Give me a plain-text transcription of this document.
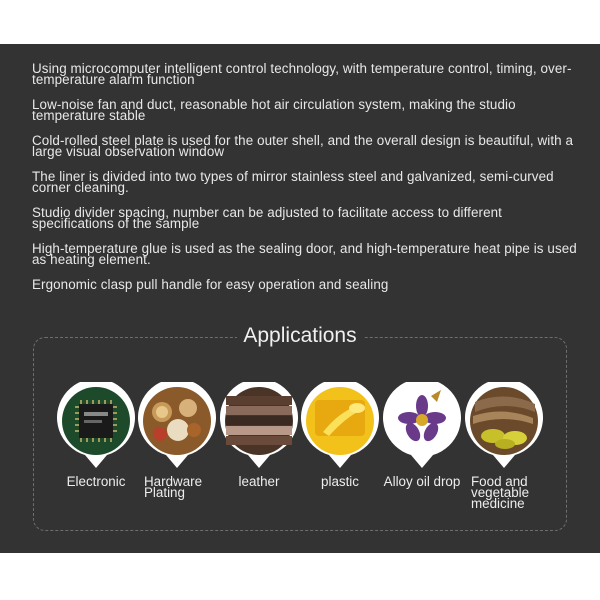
Using microcomputer intelligent control technology, with temperature control, timing, over-temperature alarm function
Low-noise fan and duct, reasonable hot air circulation system, making the studio temperature stable
Cold-rolled steel plate is used for the outer shell, and the overall design is beautiful, with a large visual observation window
The liner is divided into two types of mirror stainless steel and galvanized, semi-curved corner cleaning.
Studio divider spacing, number can be adjusted to facilitate access to different specifications of the sample
High-temperature glue is used as the sealing door, and high-temperature heat pipe is used as heating element.
Ergonomic clasp pull handle for easy operation and sealing
Applications
Electronic	Hardware Plating
leather	plastic	Alloy oil drop Food and vegetable medicine
